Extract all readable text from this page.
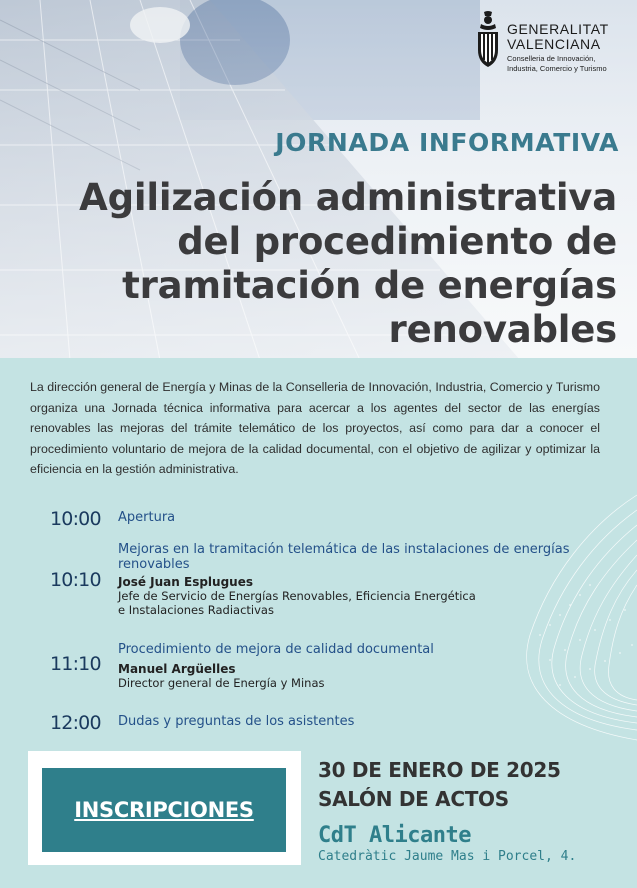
GENERALITAT
VALENCIANA
Conselleria de Innovación,
Industria, Comercio y Turismo
JORNADA INFORMATIVA
Agilización administrativa
del procedimiento de
tramitación de energías
renovables
La dirección general de Energía y Minas de la Conselleria de Innovación, Industria, Comercio y Turismo organiza una Jornada técnica informativa para acercar a los agentes del sector de las energías renovables las mejoras del trámite telemático de los proyectos, así como para dar a conocer el procedimiento voluntario de mejora de la calidad documental, con el objetivo de agilizar y optimizar la eficiencia en la gestión administrativa.
10:00 Apertura
10:10
Mejoras en la tramitación telemática de las instalaciones de energías
renovables
José Juan Esplugues
Jefe de Servicio de Energías Renovables, Eficiencia Energética
e Instalaciones Radiactivas
11:10
Procedimiento de mejora de calidad documental
Manuel Argüelles
Director general de Energía y Minas
12:00 Dudas y preguntas de los asistentes
INSCRIPCIONES
30 DE ENERO DE 2025
SALÓN DE ACTOS
CdT Alicante
Catedràtic Jaume Mas i Porcel, 4.
